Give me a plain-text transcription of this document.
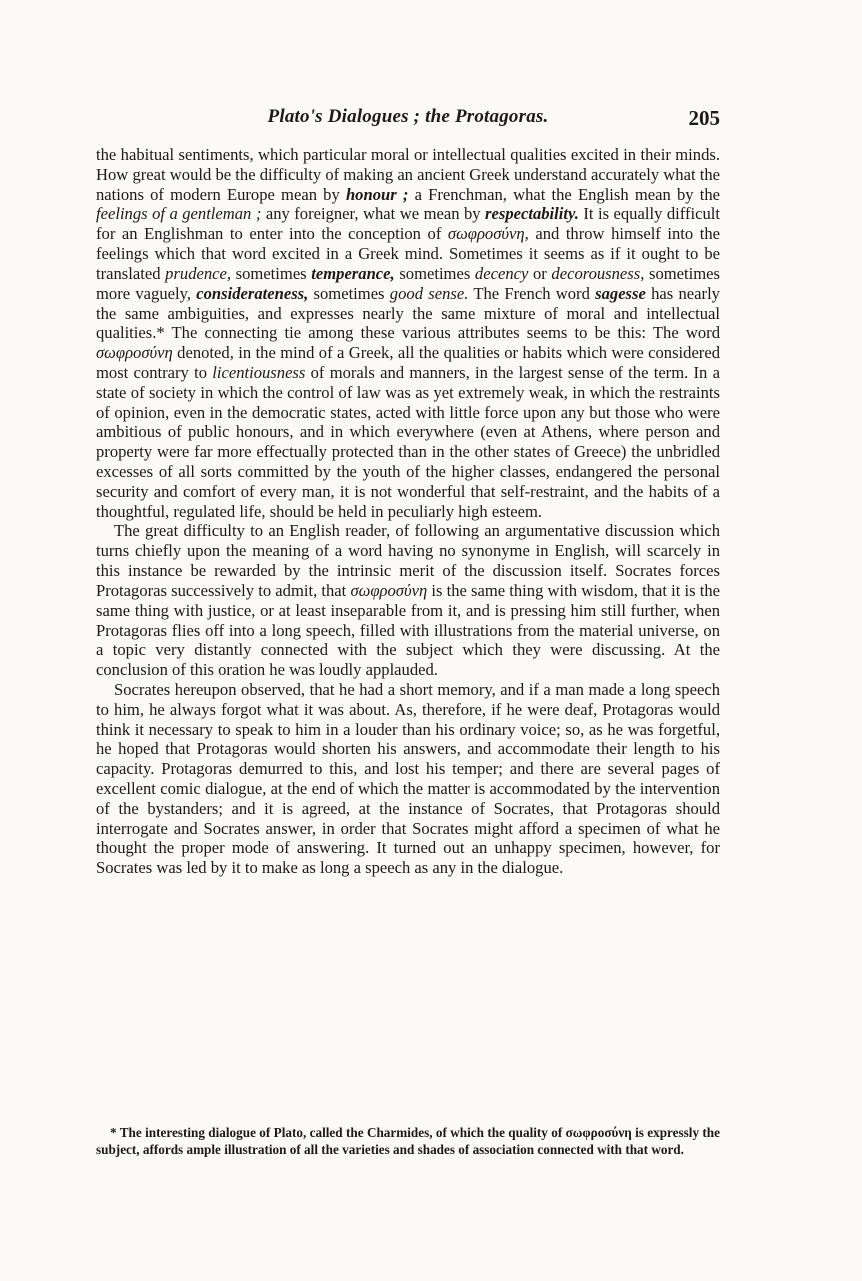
Plato's Dialogues ; the Protagoras.	205

the habitual sentiments, which particular moral or intellectual qualities excited in their minds. How great would be the difficulty of making an ancient Greek understand accurately what the nations of modern Europe mean by honour ; a Frenchman, what the English mean by the feelings of a gentleman ; any foreigner, what we mean by respectability. It is equally difficult for an Englishman to enter into the conception of σωφροσύνη, and throw himself into the feelings which that word excited in a Greek mind. Sometimes it seems as if it ought to be translated prudence, sometimes temperance, sometimes decency or decorousness, sometimes more vaguely, considerateness, sometimes good sense. The French word sagesse has nearly the same ambiguities, and expresses nearly the same mixture of moral and intellectual qualities.* The connecting tie among these various attributes seems to be this: The word σωφροσύνη denoted, in the mind of a Greek, all the qualities or habits which were considered most contrary to licentiousness of morals and manners, in the largest sense of the term. In a state of society in which the control of law was as yet extremely weak, in which the restraints of opinion, even in the democratic states, acted with little force upon any but those who were ambitious of public honours, and in which everywhere (even at Athens, where person and property were far more effectually protected than in the other states of Greece) the unbridled excesses of all sorts committed by the youth of the higher classes, endangered the personal security and comfort of every man, it is not wonderful that self-restraint, and the habits of a thoughtful, regulated life, should be held in peculiarly high esteem.

The great difficulty to an English reader, of following an argumentative discussion which turns chiefly upon the meaning of a word having no synonyme in English, will scarcely in this instance be rewarded by the intrinsic merit of the discussion itself. Socrates forces Protagoras successively to admit, that σωφροσύνη is the same thing with wisdom, that it is the same thing with justice, or at least inseparable from it, and is pressing him still further, when Protagoras flies off into a long speech, filled with illustrations from the material universe, on a topic very distantly connected with the subject which they were discussing. At the conclusion of this oration he was loudly applauded.

Socrates hereupon observed, that he had a short memory, and if a man made a long speech to him, he always forgot what it was about. As, therefore, if he were deaf, Protagoras would think it necessary to speak to him in a louder than his ordinary voice; so, as he was forgetful, he hoped that Protagoras would shorten his answers, and accommodate their length to his capacity. Protagoras demurred to this, and lost his temper; and there are several pages of excellent comic dialogue, at the end of which the matter is accommodated by the intervention of the bystanders; and it is agreed, at the instance of Socrates, that Protagoras should interrogate and Socrates answer, in order that Socrates might afford a specimen of what he thought the proper mode of answering. It turned out an unhappy specimen, however, for Socrates was led by it to make as long a speech as any in the dialogue.

* The interesting dialogue of Plato, called the Charmides, of which the quality of σωφροσύνη is expressly the subject, affords ample illustration of all the varieties and shades of association connected with that word.
